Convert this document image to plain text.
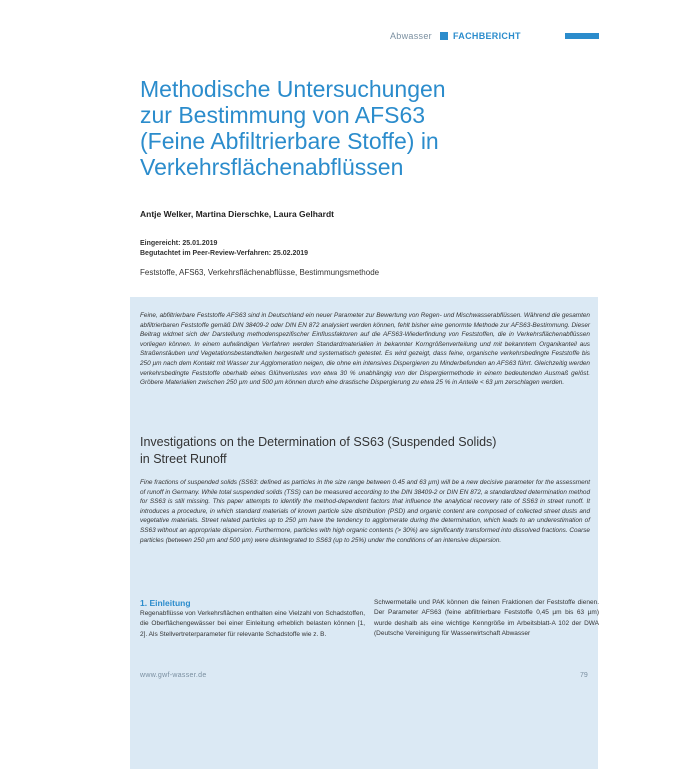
Abwasser FACHBERICHT
Methodische Untersuchungen
zur Bestimmung von AFS63
(Feine Abfiltrierbare Stoffe) in
Verkehrsflächenabflüssen
Antje Welker, Martina Dierschke, Laura Gelhardt
Eingereicht: 25.01.2019
Begutachtet im Peer-Review-Verfahren: 25.02.2019
Feststoffe, AFS63, Verkehrsflächenabflüsse, Bestimmungsmethode

Feine, abfiltrierbare Feststoffe AFS63 sind in Deutschland ein neuer Parameter zur Bewertung von Regen- und Mischwasserabflüssen. Während die gesamten abfiltrierbaren Feststoffe gemäß DIN 38409-2 oder DIN EN 872 analysiert werden können, fehlt bisher eine genormte Methode zur AFS63-Bestimmung. Dieser Beitrag widmet sich der Darstellung methodenspezifischer Einflussfaktoren auf die AFS63-Wiederfindung von Feststoffen, die in Verkehrsflächenabflüssen vorliegen können. In einem aufwändigen Verfahren werden Standardmaterialien in bekannter Korngrößenverteilung und mit bekanntem Organikanteil aus Straßenstäuben und Vegetationsbestandteilen hergestellt und systematisch getestet. Es wird gezeigt, dass feine, organische verkehrsbedingte Feststoffe bis 250 µm nach dem Kontakt mit Wasser zur Agglomeration neigen, die ohne ein intensives Dispergieren zu Minderbefunden an AFS63 führt. Gleichzeitig werden verkehrsbedingte Feststoffe oberhalb eines Glühverlustes von etwa 30 % unabhängig von der Dispergiermethode in einem bedeutenden Ausmaß gelöst. Gröbere Materialien zwischen 250 µm und 500 µm können durch eine drastische Dispergierung zu etwa 25 % in Anteile < 63 µm zerschlagen werden.

Investigations on the Determination of SS63 (Suspended Solids)
in Street Runoff

Fine fractions of suspended solids (SS63: defined as particles in the size range between 0.45 and 63 µm) will be a new decisive parameter for the assessment of runoff in Germany. While total suspended solids (TSS) can be measured according to the DIN 38409-2 or DIN EN 872, a standardized determination method for SS63 is still missing. This paper attempts to identify the method-dependent factors that influence the analytical recovery rate of SS63 in street runoff. It introduces a procedure, in which standard materials of known particle size distribution (PSD) and organic content are composed of collected street dusts and vegetative materials. Street related particles up to 250 µm have the tendency to agglomerate during the determination, which leads to an underestimation of SS63 without an appropriate dispersion. Furthermore, particles with high organic contents (> 30%) are significantly transformed into dissolved fractions. Coarse particles (between 250 µm and 500 µm) were disintegrated to SS63 (up to 25%) under the conditions of an intensive dispersion.

1. Einleitung

Regenabflüsse von Verkehrsflächen enthalten eine Vielzahl von Schadstoffen, die Oberflächengewässer bei einer Einleitung erheblich belasten können [1, 2]. Als Stellvertreterparameter für relevante Schadstoffe wie z. B.

Schwermetalle und PAK können die feinen Fraktionen der Feststoffe dienen. Der Parameter AFS63 (feine abfiltrierbare Feststoffe 0,45 µm bis 63 µm) wurde deshalb als eine wichtige Kenngröße im Arbeitsblatt-A 102 der DWA (Deutsche Vereinigung für Wasserwirtschaft Abwasser

www.gwf-wasser.de	79
